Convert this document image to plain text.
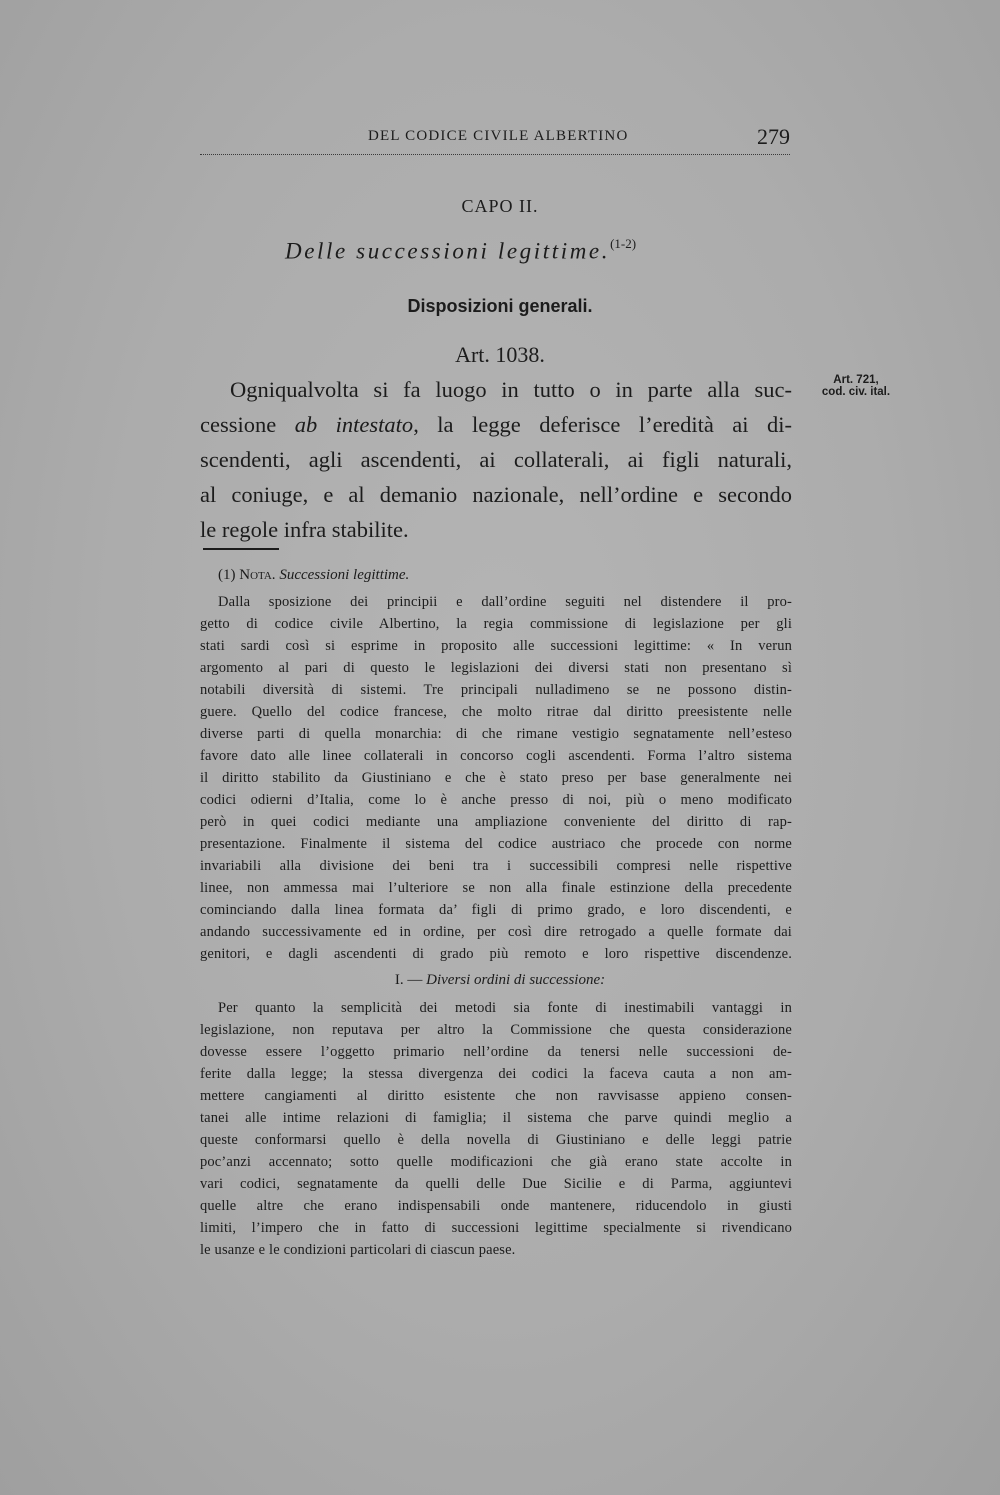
DEL CODICE CIVILE ALBERTINO	279
CAPO II.
Delle successioni legittime.$^{(1-2)}$
Disposizioni generali.
Art. 1038.
Ogniqualvolta si fa luogo in tutto o in parte alla suc-
cessione ab intestato, la legge deferisce l’eredità ai di-
scendenti, agli ascendenti, ai collaterali, ai figli naturali,
al coniuge, e al demanio nazionale, nell’ordine e secondo
le regole infra stabilite.
Art. 721,
cod. civ. ital.
(1) Nota. Successioni legittime.
Dalla sposizione dei principii e dall’ordine seguiti nel distendere il pro-
getto di codice civile Albertino, la regia commissione di legislazione per gli
stati sardi così si esprime in proposito alle successioni legittime: « In verun
argomento al pari di questo le legislazioni dei diversi stati non presentano sì
notabili diversità di sistemi. Tre principali nulladimeno se ne possono distin-
guere. Quello del codice francese, che molto ritrae dal diritto preesistente nelle
diverse parti di quella monarchia: di che rimane vestigio segnatamente nell’esteso
favore dato alle linee collaterali in concorso cogli ascendenti. Forma l’altro sistema
il diritto stabilito da Giustiniano e che è stato preso per base generalmente nei
codici odierni d’Italia, come lo è anche presso di noi, più o meno modificato
però in quei codici mediante una ampliazione conveniente del diritto di rap-
presentazione. Finalmente il sistema del codice austriaco che procede con norme
invariabili alla divisione dei beni tra i successibili compresi nelle rispettive
linee, non ammessa mai l’ulteriore se non alla finale estinzione della precedente
cominciando dalla linea formata da’ figli di primo grado, e loro discendenti, e
andando successivamente ed in ordine, per così dire retrogado a quelle formate dai
genitori, e dagli ascendenti di grado più remoto e loro rispettive discendenze.
I. — Diversi ordini di successione:
Per quanto la semplicità dei metodi sia fonte di inestimabili vantaggi in
legislazione, non reputava per altro la Commissione che questa considerazione
dovesse essere l’oggetto primario nell’ordine da tenersi nelle successioni de-
ferite dalla legge; la stessa divergenza dei codici la faceva cauta a non am-
mettere cangiamenti al diritto esistente che non ravvisasse appieno consen-
tanei alle intime relazioni di famiglia; il sistema che parve quindi meglio a
queste conformarsi quello è della novella di Giustiniano e delle leggi patrie
poc’anzi accennato; sotto quelle modificazioni che già erano state accolte in
vari codici, segnatamente da quelli delle Due Sicilie e di Parma, aggiuntevi
quelle altre che erano indispensabili onde mantenere, riducendolo in giusti
limiti, l’impero che in fatto di successioni legittime specialmente si rivendicano
le usanze e le condizioni particolari di ciascun paese.
